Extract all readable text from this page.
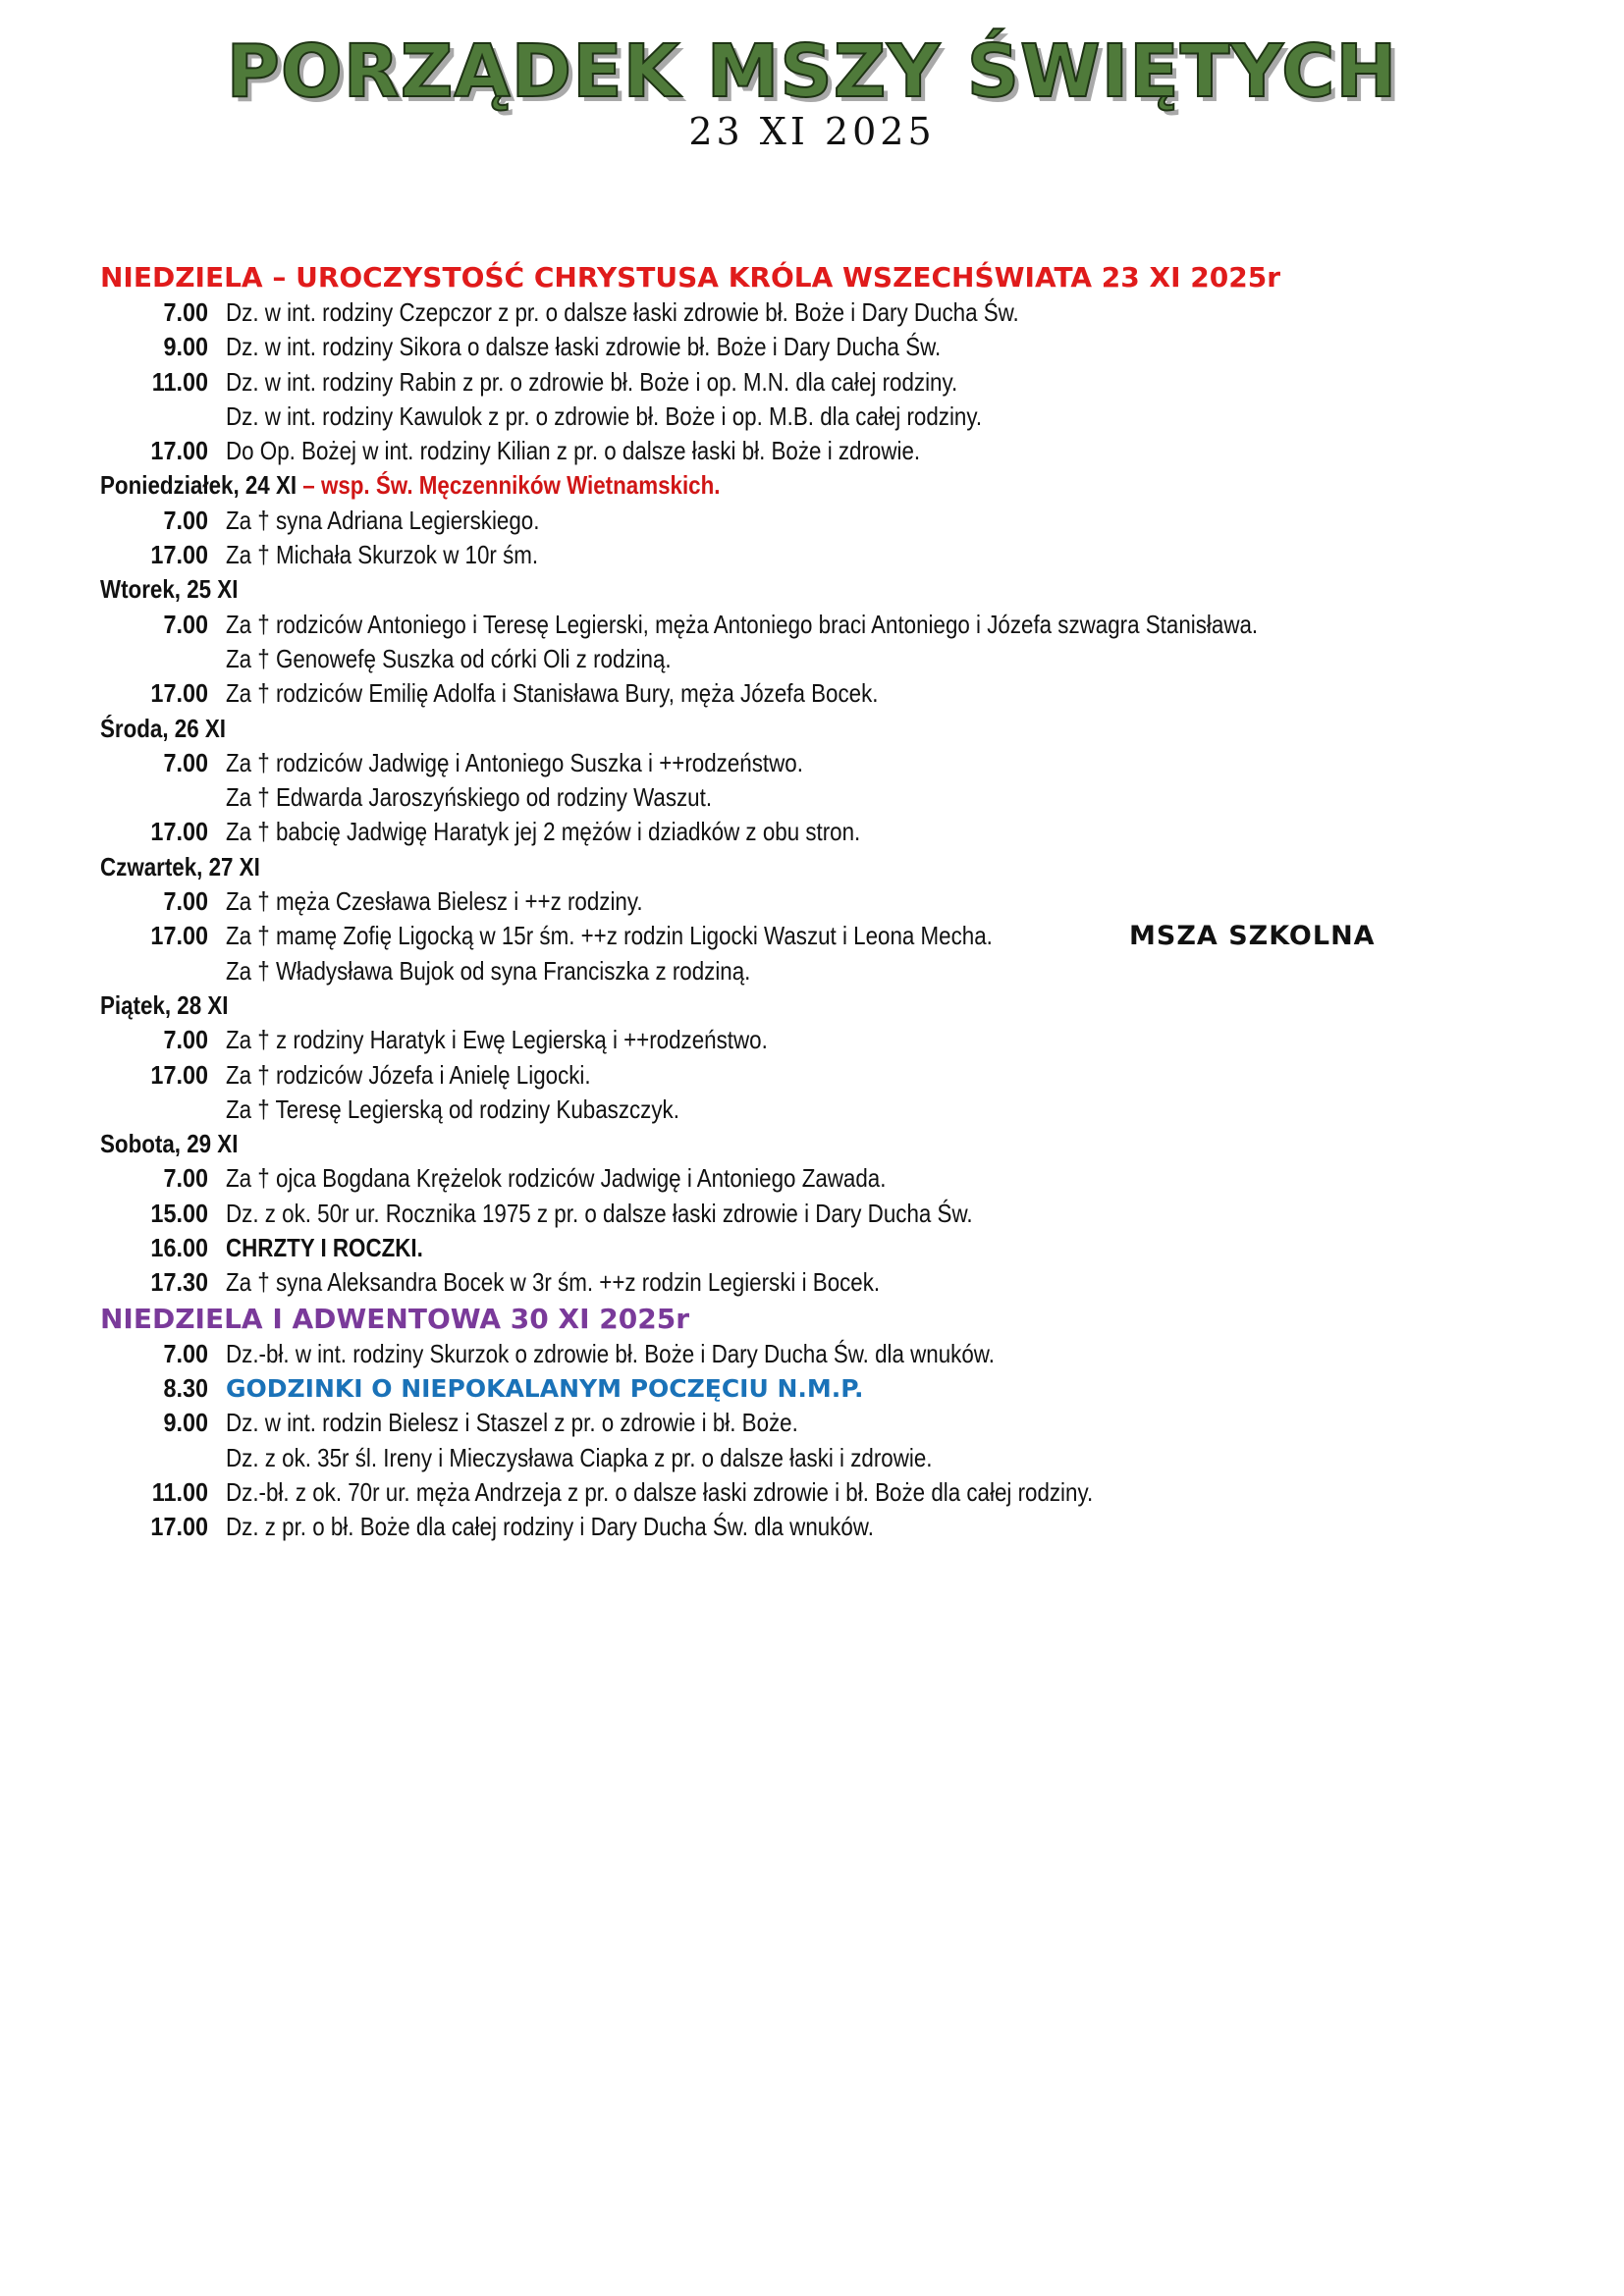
PORZĄDEK MSZY ŚWIĘTYCH
23 XI 2025
NIEDZIELA – UROCZYSTOŚĆ CHRYSTUSA KRÓLA WSZECHŚWIATA 23 XI 2025r
7.00 Dz. w int. rodziny Czepczor z pr. o dalsze łaski zdrowie bł. Boże i Dary Ducha Św.
9.00 Dz. w int. rodziny Sikora o dalsze łaski zdrowie bł. Boże i Dary Ducha Św.
11.00 Dz. w int. rodziny Rabin z pr. o zdrowie bł. Boże i op. M.N. dla całej rodziny.
Dz. w int. rodziny Kawulok z pr. o zdrowie bł. Boże i op. M.B. dla całej rodziny.
17.00 Do Op. Bożej w int. rodziny Kilian z pr. o dalsze łaski bł. Boże i zdrowie.
Poniedziałek, 24 XI – wsp. Św. Męczenników Wietnamskich.
7.00 Za † syna Adriana Legierskiego.
17.00 Za † Michała Skurzok w 10r śm.
Wtorek, 25 XI
7.00 Za † rodziców Antoniego i Teresę Legierski, męża Antoniego braci Antoniego i Józefa szwagra Stanisława.
Za † Genowefę Suszka od córki Oli z rodziną.
17.00 Za † rodziców Emilię Adolfa i Stanisława Bury, męża Józefa Bocek.
Środa, 26 XI
7.00 Za † rodziców Jadwigę i Antoniego Suszka i ++rodzeństwo.
Za † Edwarda Jaroszyńskiego od rodziny Waszut.
17.00 Za † babcię Jadwigę Haratyk jej 2 mężów i dziadków z obu stron.
Czwartek, 27 XI
7.00 Za † męża Czesława Bielesz i ++z rodziny.
17.00 Za † mamę Zofię Ligocką w 15r śm. ++z rodzin Ligocki Waszut i Leona Mecha.	MSZA SZKOLNA
Za † Władysława Bujok od syna Franciszka z rodziną.
Piątek, 28 XI
7.00 Za † z rodziny Haratyk i Ewę Legierską i ++rodzeństwo.
17.00 Za † rodziców Józefa i Anielę Ligocki.
Za † Teresę Legierską od rodziny Kubaszczyk.
Sobota, 29 XI
7.00 Za † ojca Bogdana Krężelok rodziców Jadwigę i Antoniego Zawada.
15.00 Dz. z ok. 50r ur. Rocznika 1975 z pr. o dalsze łaski zdrowie i Dary Ducha Św.
16.00 CHRZTY I ROCZKI.
17.30 Za † syna Aleksandra Bocek w 3r śm. ++z rodzin Legierski i Bocek.
NIEDZIELA I ADWENTOWA 30 XI 2025r
7.00 Dz.-bł. w int. rodziny Skurzok o zdrowie bł. Boże i Dary Ducha Św. dla wnuków.
8.30 GODZINKI O NIEPOKALANYM POCZĘCIU N.M.P.
9.00 Dz. w int. rodzin Bielesz i Staszel z pr. o zdrowie i bł. Boże.
Dz. z ok. 35r śl. Ireny i Mieczysława Ciapka z pr. o dalsze łaski i zdrowie.
11.00 Dz.-bł. z ok. 70r ur. męża Andrzeja z pr. o dalsze łaski zdrowie i bł. Boże dla całej rodziny.
17.00 Dz. z pr. o bł. Boże dla całej rodziny i Dary Ducha Św. dla wnuków.
